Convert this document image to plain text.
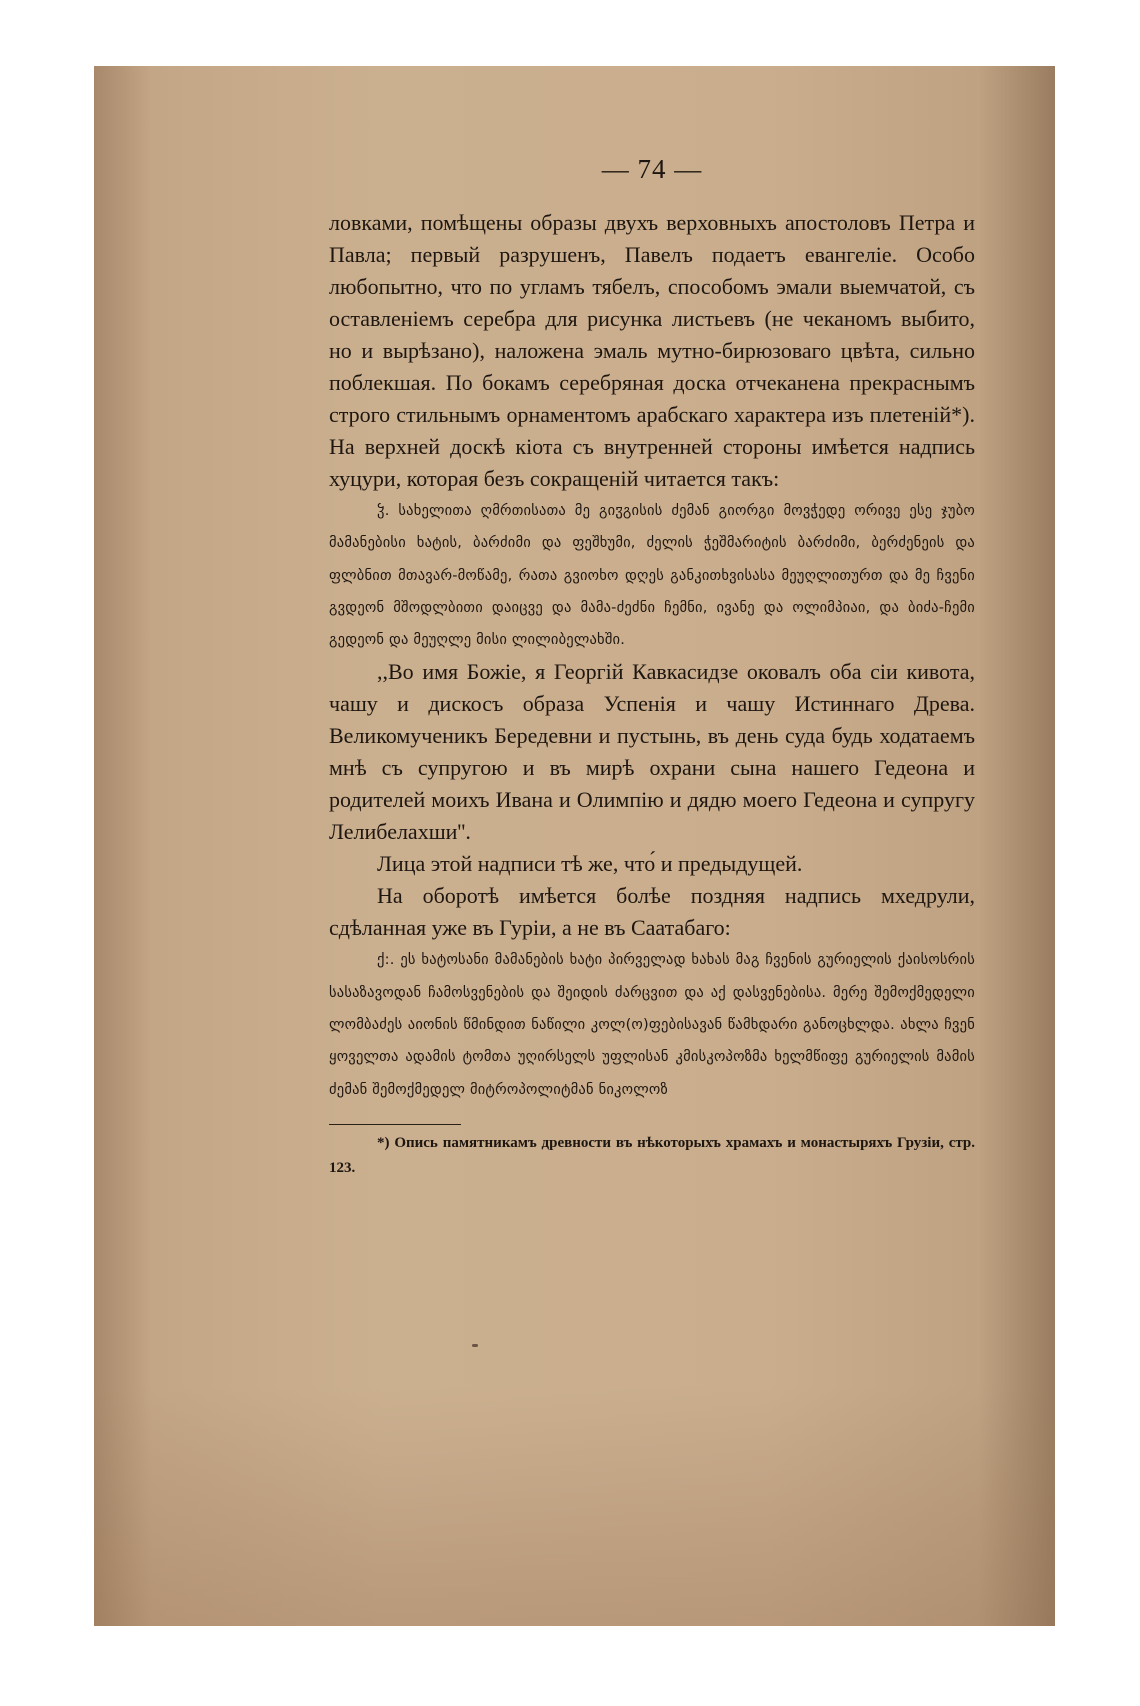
— 74 —

ловками, помѣщены образы двухъ верховныхъ апостоловъ Петра и Павла; первый разрушенъ, Павелъ подаетъ евангеліе. Особо любопытно, что по угламъ тябелъ, способомъ эмали выемчатой, съ оставленіемъ серебра для рисунка листьевъ (не чеканомъ выбито, но и вырѣзано), наложена эмаль мутно-бирюзоваго цвѣта, сильно поблекшая. По бокамъ серебряная доска отчеканена прекраснымъ строго стильнымъ орнаментомъ арабскаго характера изъ плетеній*). На верхней доскѣ кіота съ внутренней стороны имѣется надпись хуцури, которая безъ сокращеній читается такъ:

ჴ. სახელითა ღმრთისათა მე გიჳგისის ძემან გიორგი მოვჭედე ორივე ესე ჯუბო მამანებისი ხატის, ბარძიმი და ფეშხუმი, ძელის ჭეშმარიტის ბარძიმი, ბერძენეის და ფლბნით მთავარ-მოწამე, რათა გვიოხო დღეს განკითხვისასა მეუღლითურთ და მე ჩვენი გვდეონ მშოდლბითი დაიცვე და მამა-ძეძნი ჩემნი, ივანე და ოლიმპიაი, და ბიძა-ჩემი გედეონ და მეუღლე მისი ლილიბელახში.

,,Во имя Божіе, я Георгій Кавкасидзе оковалъ оба сіи кивота, чашу и дискосъ образа Успенія и чашу Истиннаго Древа. Великомученикъ Бередевни и пустынь, въ день суда будь ходатаемъ мнѣ съ супругою и въ мирѣ охрани сына нашего Гедеона и родителей моихъ Ивана и Олимпію и дядю моего Гедеона и супругу Лелибелахши''.

Лица этой надписи тѣ же, что́ и предыдущей.

На оборотѣ имѣется болѣе поздняя надпись мхедрули, сдѣланная уже въ Гуріи, а не въ Саатабаго:

ქ:. ეს ხატოსანი მამანების ხატი პირველად ხახას მაგ ჩვენის გურიელის ქაისოსრის სასაზავოდან ჩამოსვენების და შეიდის ძარცვით და აქ დასვენებისა. მერე შემოქმედელი ლომბაძეს აიონის წმინდით ნაწილი კოლ(ო)ფებისავან წამხდარი განოცხლდა. ახლა ჩვენ ყოველთა ადამის ტომთა უღირსელს უფლისან კმისკოპოზმა ხელმწიფე გურიელის მამის ძემან შემოქმედელ მიტროპოლიტმან ნიკოლოზ

*) Опись памятникамъ древности въ нѣкоторыхъ храмахъ и монастыряхъ Грузіи, стр. 123.
